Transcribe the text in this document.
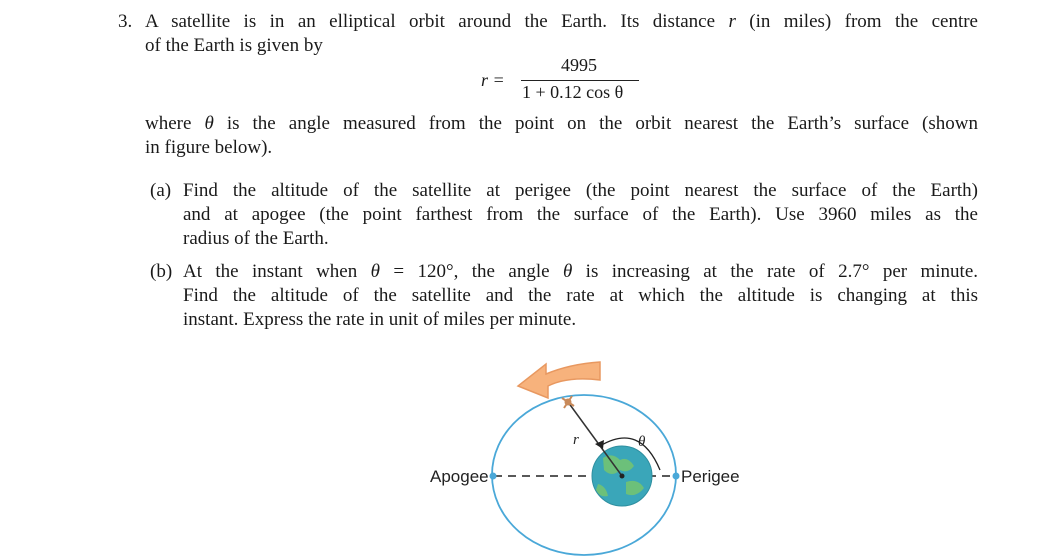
3. A satellite is in an elliptical orbit around the Earth. Its distance r (in miles) from the centre
of the Earth is given by
r =
4995
1 + 0.12 cos θ
where θ is the angle measured from the point on the orbit nearest the Earth’s surface (shown
in figure below).
(a) Find the altitude of the satellite at perigee (the point nearest the surface of the Earth)
and at apogee (the point farthest from the surface of the Earth). Use 3960 miles as the
radius of the Earth.
(b) At the instant when θ = 120°, the angle θ is increasing at the rate of 2.7° per minute.
Find the altitude of the satellite and the rate at which the altitude is changing at this
instant. Express the rate in unit of miles per minute.
Apogee	Perigee
r	θ
